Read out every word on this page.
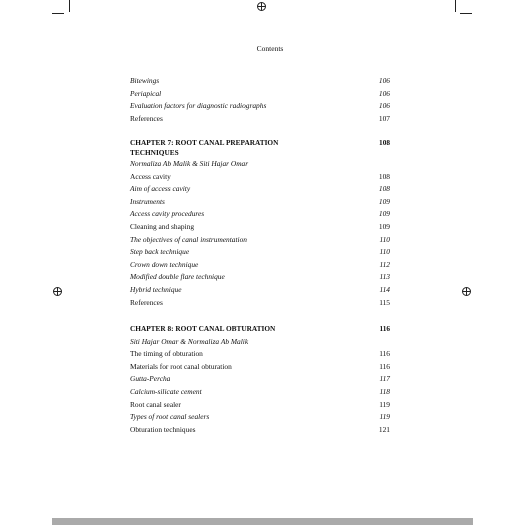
Contents
Bitewings	106
Periapical	106
Evaluation factors for diagnostic radiographs	106
References	107
CHAPTER 7: ROOT CANAL PREPARATION	108
TECHNIQUES
Normaliza Ab Malik & Siti Hajar Omar
Access cavity	108
Aim of access cavity	108
Instruments	109
Access cavity procedures	109
Cleaning and shaping	109
The objectives of canal instrumentation	110
Step back technique	110
Crown down technique	112
Modified double flare technique	113
Hybrid technique	114
References	115
CHAPTER 8: ROOT CANAL OBTURATION	116
Siti Hajar Omar & Normaliza Ab Malik
The timing of obturation	116
Materials for root canal obturation	116
Gutta-Percha	117
Calcium-silicate cement	118
Root canal sealer	119
Types of root canal sealers	119
Obturation techniques	121
